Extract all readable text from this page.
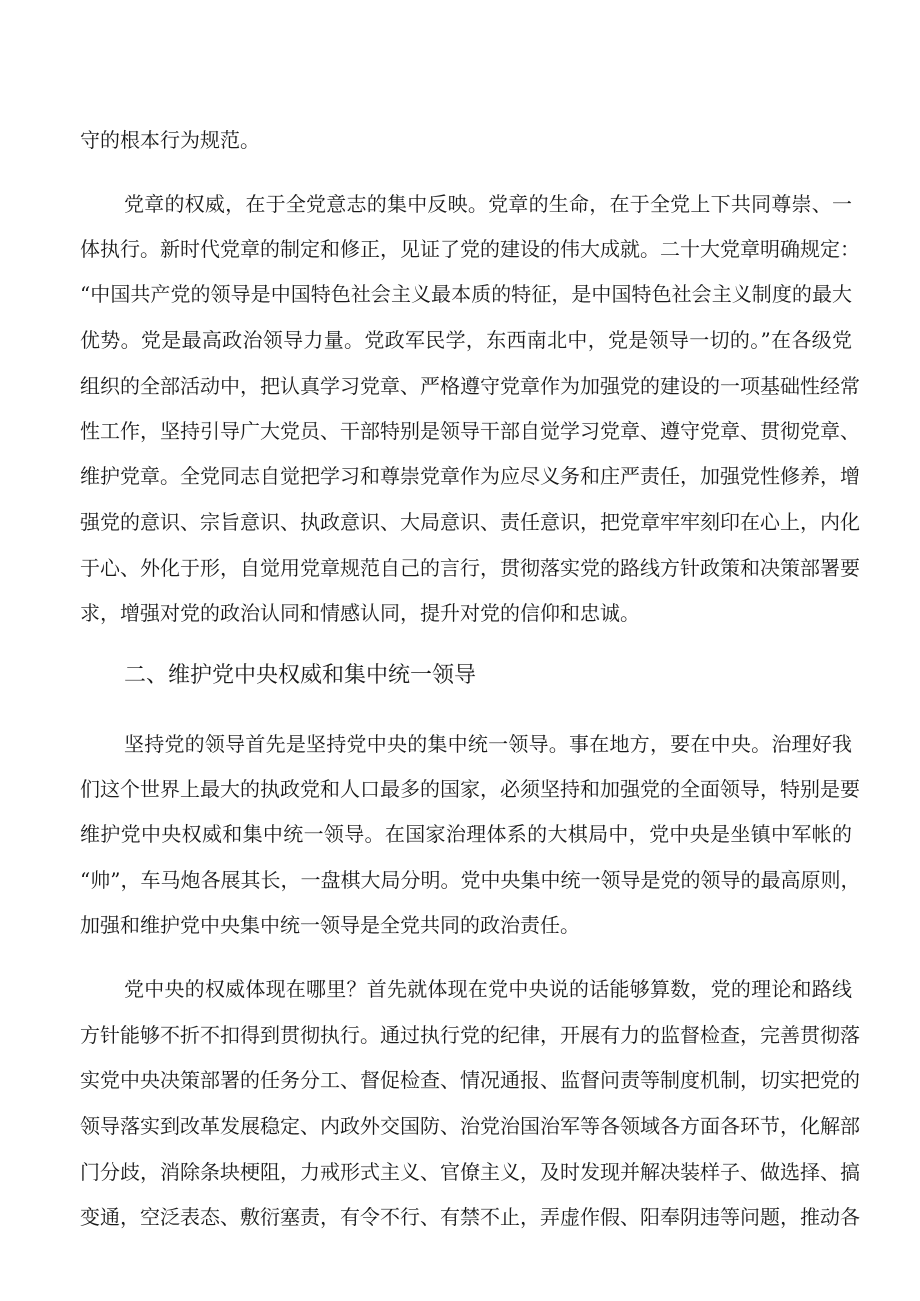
守的根本行为规范。
党章的权威，在于全党意志的集中反映。党章的生命，在于全党上下共同尊崇、一
体执行。新时代党章的制定和修正，见证了党的建设的伟大成就。二十大党章明确规定：
“中国共产党的领导是中国特色社会主义最本质的特征，是中国特色社会主义制度的最大
优势。党是最高政治领导力量。党政军民学，东西南北中，党是领导一切的。”在各级党
组织的全部活动中，把认真学习党章、严格遵守党章作为加强党的建设的一项基础性经常
性工作，坚持引导广大党员、干部特别是领导干部自觉学习党章、遵守党章、贯彻党章、
维护党章。全党同志自觉把学习和尊崇党章作为应尽义务和庄严责任，加强党性修养，增
强党的意识、宗旨意识、执政意识、大局意识、责任意识，把党章牢牢刻印在心上，内化
于心、外化于形，自觉用党章规范自己的言行，贯彻落实党的路线方针政策和决策部署要
求，增强对党的政治认同和情感认同，提升对党的信仰和忠诚。
二、维护党中央权威和集中统一领导
坚持党的领导首先是坚持党中央的集中统一领导。事在地方，要在中央。治理好我
们这个世界上最大的执政党和人口最多的国家，必须坚持和加强党的全面领导，特别是要
维护党中央权威和集中统一领导。在国家治理体系的大棋局中，党中央是坐镇中军帐的
“帅”，车马炮各展其长，一盘棋大局分明。党中央集中统一领导是党的领导的最高原则，
加强和维护党中央集中统一领导是全党共同的政治责任。
党中央的权威体现在哪里？首先就体现在党中央说的话能够算数，党的理论和路线
方针能够不折不扣得到贯彻执行。通过执行党的纪律，开展有力的监督检查，完善贯彻落
实党中央决策部署的任务分工、督促检查、情况通报、监督问责等制度机制，切实把党的
领导落实到改革发展稳定、内政外交国防、治党治国治军等各领域各方面各环节，化解部
门分歧，消除条块梗阻，力戒形式主义、官僚主义，及时发现并解决装样子、做选择、搞
变通，空泛表态、敷衍塞责，有令不行、有禁不止，弄虚作假、阳奉阴违等问题，推动各
